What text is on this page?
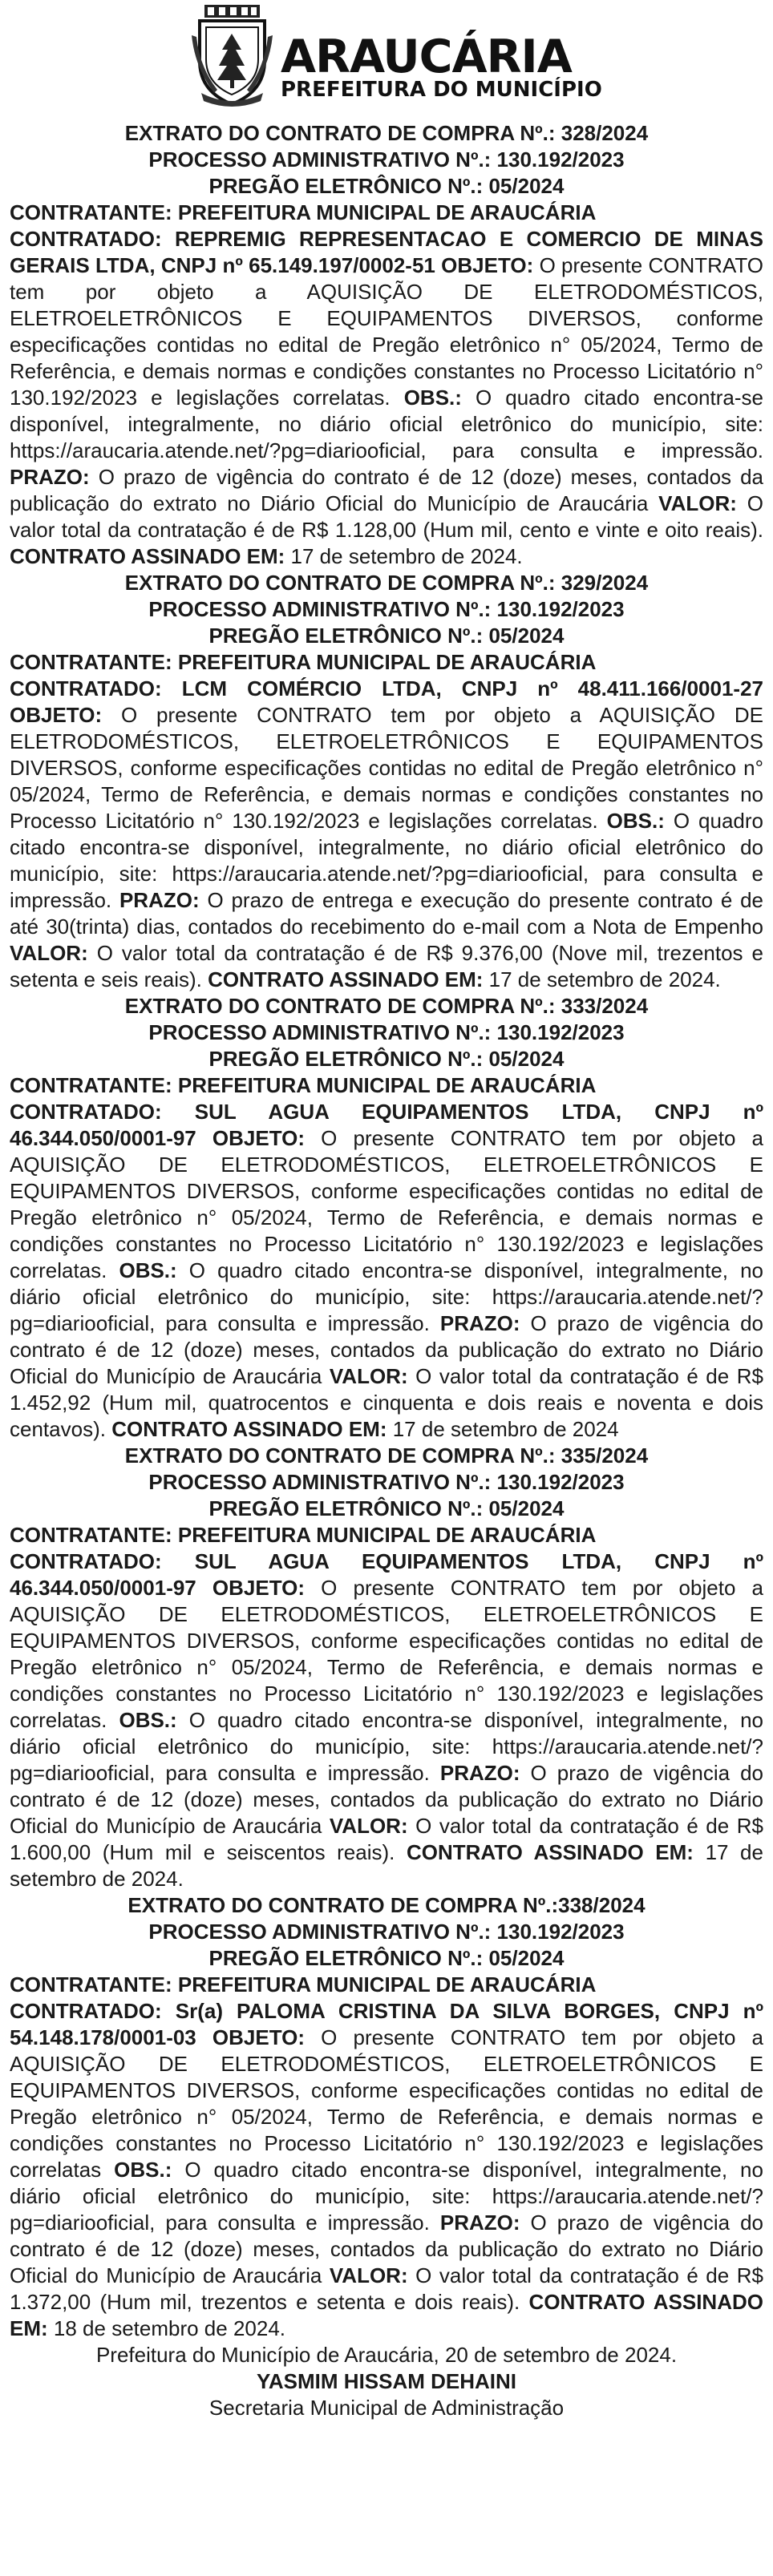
ARAUCÁRIA
PREFEITURA DO MUNICÍPIO

EXTRATO DO CONTRATO DE COMPRA Nº.: 328/2024

PROCESSO ADMINISTRATIVO Nº.: 130.192/2023

PREGÃO ELETRÔNICO Nº.: 05/2024

CONTRATANTE: PREFEITURA MUNICIPAL DE ARAUCÁRIA

CONTRATADO: REPREMIG REPRESENTACAO E COMERCIO DE MINAS GERAIS LTDA, CNPJ nº 65.149.197/0002-51 OBJETO: O presente CONTRATO tem por objeto a AQUISIÇÃO DE ELETRODOMÉSTICOS, ELETROELETRÔNICOS E EQUIPAMENTOS DIVERSOS, conforme especificações contidas no edital de Pregão eletrônico n° 05/2024, Termo de Referência, e demais normas e condições constantes no Processo Licitatório n° 130.192/2023 e legislações correlatas. OBS.: O quadro citado encontra-se disponível, integralmente, no diário oficial eletrônico do município, site: https://araucaria.atende.net/?pg=diariooficial, para consulta e impressão. PRAZO: O prazo de vigência do contrato é de 12 (doze) meses, contados da publicação do extrato no Diário Oficial do Município de Araucária VALOR: O valor total da contratação é de R$ 1.128,00 (Hum mil, cento e vinte e oito reais). CONTRATO ASSINADO EM: 17 de setembro de 2024.

EXTRATO DO CONTRATO DE COMPRA Nº.: 329/2024

PROCESSO ADMINISTRATIVO Nº.: 130.192/2023

PREGÃO ELETRÔNICO Nº.: 05/2024

CONTRATANTE: PREFEITURA MUNICIPAL DE ARAUCÁRIA

CONTRATADO: LCM COMÉRCIO LTDA, CNPJ nº 48.411.166/0001-27 OBJETO: O presente CONTRATO tem por objeto a AQUISIÇÃO DE ELETRODOMÉSTICOS, ELETROELETRÔNICOS E EQUIPAMENTOS DIVERSOS, conforme especificações contidas no edital de Pregão eletrônico n° 05/2024, Termo de Referência, e demais normas e condições constantes no Processo Licitatório n° 130.192/2023 e legislações correlatas. OBS.: O quadro citado encontra-se disponível, integralmente, no diário oficial eletrônico do município, site: https://araucaria.atende.net/?pg=diariooficial, para consulta e impressão. PRAZO: O prazo de entrega e execução do presente contrato é de até 30(trinta) dias, contados do recebimento do e-mail com a Nota de Empenho VALOR: O valor total da contratação é de R$ 9.376,00 (Nove mil, trezentos e setenta e seis reais). CONTRATO ASSINADO EM: 17 de setembro de 2024.

EXTRATO DO CONTRATO DE COMPRA Nº.: 333/2024

PROCESSO ADMINISTRATIVO Nº.: 130.192/2023

PREGÃO ELETRÔNICO Nº.: 05/2024

CONTRATANTE: PREFEITURA MUNICIPAL DE ARAUCÁRIA

CONTRATADO: SUL AGUA EQUIPAMENTOS LTDA, CNPJ nº 46.344.050/0001-97 OBJETO: O presente CONTRATO tem por objeto a AQUISIÇÃO DE ELETRODOMÉSTICOS, ELETROELETRÔNICOS E EQUIPAMENTOS DIVERSOS, conforme especificações contidas no edital de Pregão eletrônico n° 05/2024, Termo de Referência, e demais normas e condições constantes no Processo Licitatório n° 130.192/2023 e legislações correlatas. OBS.: O quadro citado encontra-se disponível, integralmente, no diário oficial eletrônico do município, site: https://araucaria.atende.net/?pg=diariooficial, para consulta e impressão. PRAZO: O prazo de vigência do contrato é de 12 (doze) meses, contados da publicação do extrato no Diário Oficial do Município de Araucária VALOR: O valor total da contratação é de R$ 1.452,92 (Hum mil, quatrocentos e cinquenta e dois reais e noventa e dois centavos). CONTRATO ASSINADO EM: 17 de setembro de 2024

EXTRATO DO CONTRATO DE COMPRA Nº.: 335/2024

PROCESSO ADMINISTRATIVO Nº.: 130.192/2023

PREGÃO ELETRÔNICO Nº.: 05/2024

CONTRATANTE: PREFEITURA MUNICIPAL DE ARAUCÁRIA

CONTRATADO: SUL AGUA EQUIPAMENTOS LTDA, CNPJ nº 46.344.050/0001-97 OBJETO: O presente CONTRATO tem por objeto a AQUISIÇÃO DE ELETRODOMÉSTICOS, ELETROELETRÔNICOS E EQUIPAMENTOS DIVERSOS, conforme especificações contidas no edital de Pregão eletrônico n° 05/2024, Termo de Referência, e demais normas e condições constantes no Processo Licitatório n° 130.192/2023 e legislações correlatas. OBS.: O quadro citado encontra-se disponível, integralmente, no diário oficial eletrônico do município, site: https://araucaria.atende.net/?pg=diariooficial, para consulta e impressão. PRAZO: O prazo de vigência do contrato é de 12 (doze) meses, contados da publicação do extrato no Diário Oficial do Município de Araucária VALOR: O valor total da contratação é de R$ 1.600,00 (Hum mil e seiscentos reais). CONTRATO ASSINADO EM: 17 de setembro de 2024.

EXTRATO DO CONTRATO DE COMPRA Nº.:338/2024

PROCESSO ADMINISTRATIVO Nº.: 130.192/2023

PREGÃO ELETRÔNICO Nº.: 05/2024

CONTRATANTE: PREFEITURA MUNICIPAL DE ARAUCÁRIA

CONTRATADO: Sr(a) PALOMA CRISTINA DA SILVA BORGES, CNPJ nº 54.148.178/0001-03 OBJETO: O presente CONTRATO tem por objeto a AQUISIÇÃO DE ELETRODOMÉSTICOS, ELETROELETRÔNICOS E EQUIPAMENTOS DIVERSOS, conforme especificações contidas no edital de Pregão eletrônico n° 05/2024, Termo de Referência, e demais normas e condições constantes no Processo Licitatório n° 130.192/2023 e legislações correlatas OBS.: O quadro citado encontra-se disponível, integralmente, no diário oficial eletrônico do município, site: https://araucaria.atende.net/?pg=diariooficial, para consulta e impressão. PRAZO: O prazo de vigência do contrato é de 12 (doze) meses, contados da publicação do extrato no Diário Oficial do Município de Araucária VALOR: O valor total da contratação é de R$ 1.372,00 (Hum mil, trezentos e setenta e dois reais). CONTRATO ASSINADO EM: 18 de setembro de 2024.

Prefeitura do Município de Araucária, 20 de setembro de 2024.
YASMIM HISSAM DEHAINI
Secretaria Municipal de Administração
